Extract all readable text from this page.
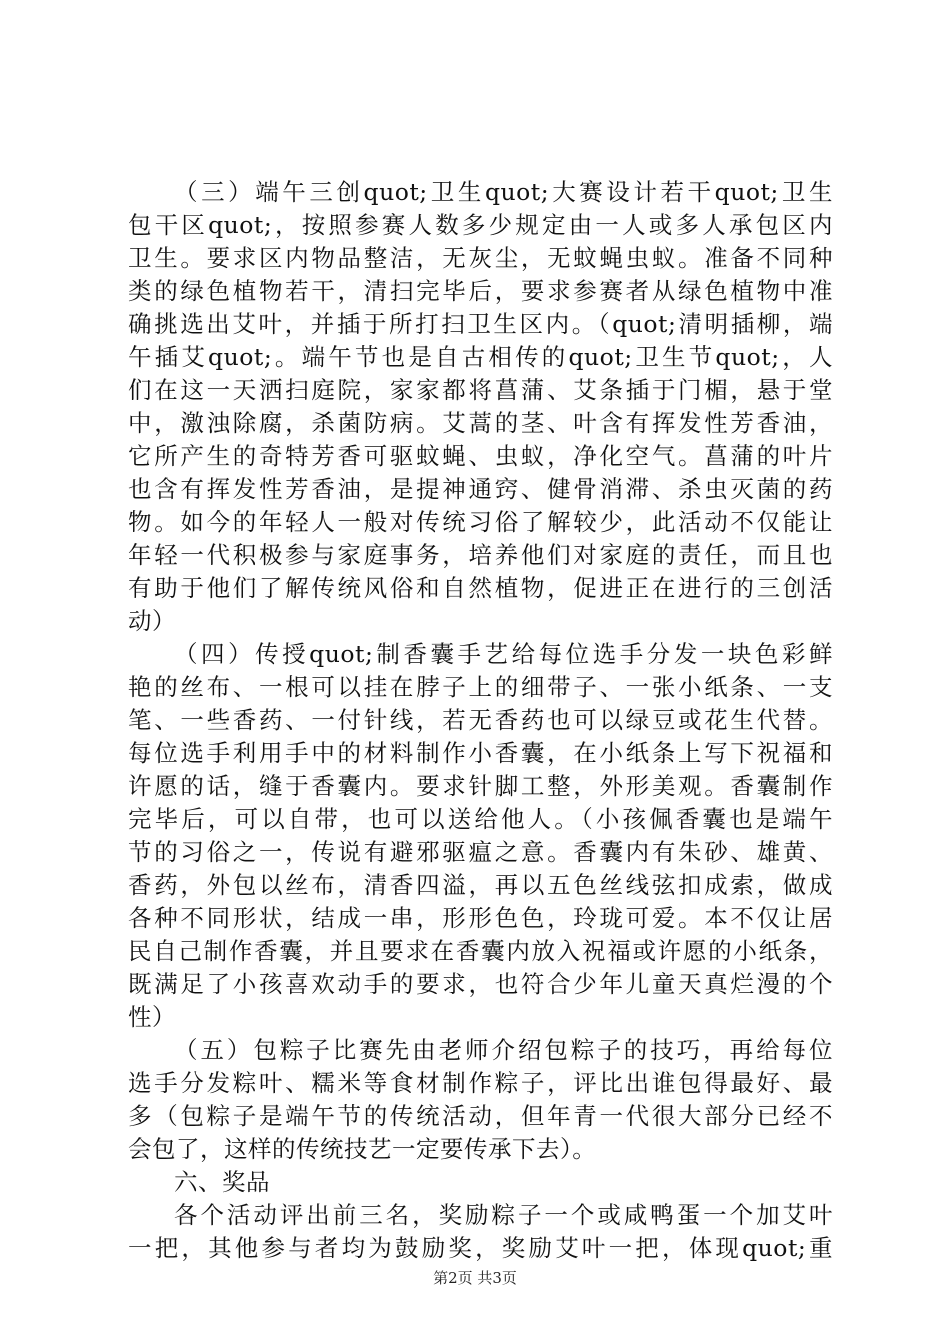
（三）端午三创quot;卫生quot;大赛设计若干quot;卫生
包干区quot;，按照参赛人数多少规定由一人或多人承包区内
卫生。要求区内物品整洁，无灰尘，无蚊蝇虫蚁。准备不同种
类的绿色植物若干，清扫完毕后，要求参赛者从绿色植物中准
确挑选出艾叶，并插于所打扫卫生区内。（quot;清明插柳，端
午插艾quot;。端午节也是自古相传的quot;卫生节quot;，人
们在这一天洒扫庭院，家家都将菖蒲、艾条插于门楣，悬于堂
中，激浊除腐，杀菌防病。艾蒿的茎、叶含有挥发性芳香油，
它所产生的奇特芳香可驱蚊蝇、虫蚁，净化空气。菖蒲的叶片
也含有挥发性芳香油，是提神通窍、健骨消滞、杀虫灭菌的药
物。如今的年轻人一般对传统习俗了解较少，此活动不仅能让
年轻一代积极参与家庭事务，培养他们对家庭的责任，而且也
有助于他们了解传统风俗和自然植物，促进正在进行的三创活
动）
（四）传授quot;制香囊手艺给每位选手分发一块色彩鲜
艳的丝布、一根可以挂在脖子上的细带子、一张小纸条、一支
笔、一些香药、一付针线，若无香药也可以绿豆或花生代替。
每位选手利用手中的材料制作小香囊，在小纸条上写下祝福和
许愿的话，缝于香囊内。要求针脚工整，外形美观。香囊制作
完毕后，可以自带，也可以送给他人。（小孩佩香囊也是端午
节的习俗之一，传说有避邪驱瘟之意。香囊内有朱砂、雄黄、
香药，外包以丝布，清香四溢，再以五色丝线弦扣成索，做成
各种不同形状，结成一串，形形色色，玲珑可爱。本不仅让居
民自己制作香囊，并且要求在香囊内放入祝福或许愿的小纸条，
既满足了小孩喜欢动手的要求，也符合少年儿童天真烂漫的个
性）
（五）包粽子比赛先由老师介绍包粽子的技巧，再给每位
选手分发粽叶、糯米等食材制作粽子，评比出谁包得最好、最
多（包粽子是端午节的传统活动，但年青一代很大部分已经不
会包了，这样的传统技艺一定要传承下去）。
六、奖品
各个活动评出前三名，奖励粽子一个或咸鸭蛋一个加艾叶
一把，其他参与者均为鼓励奖，奖励艾叶一把，体现quot;重
第2页 共3页
